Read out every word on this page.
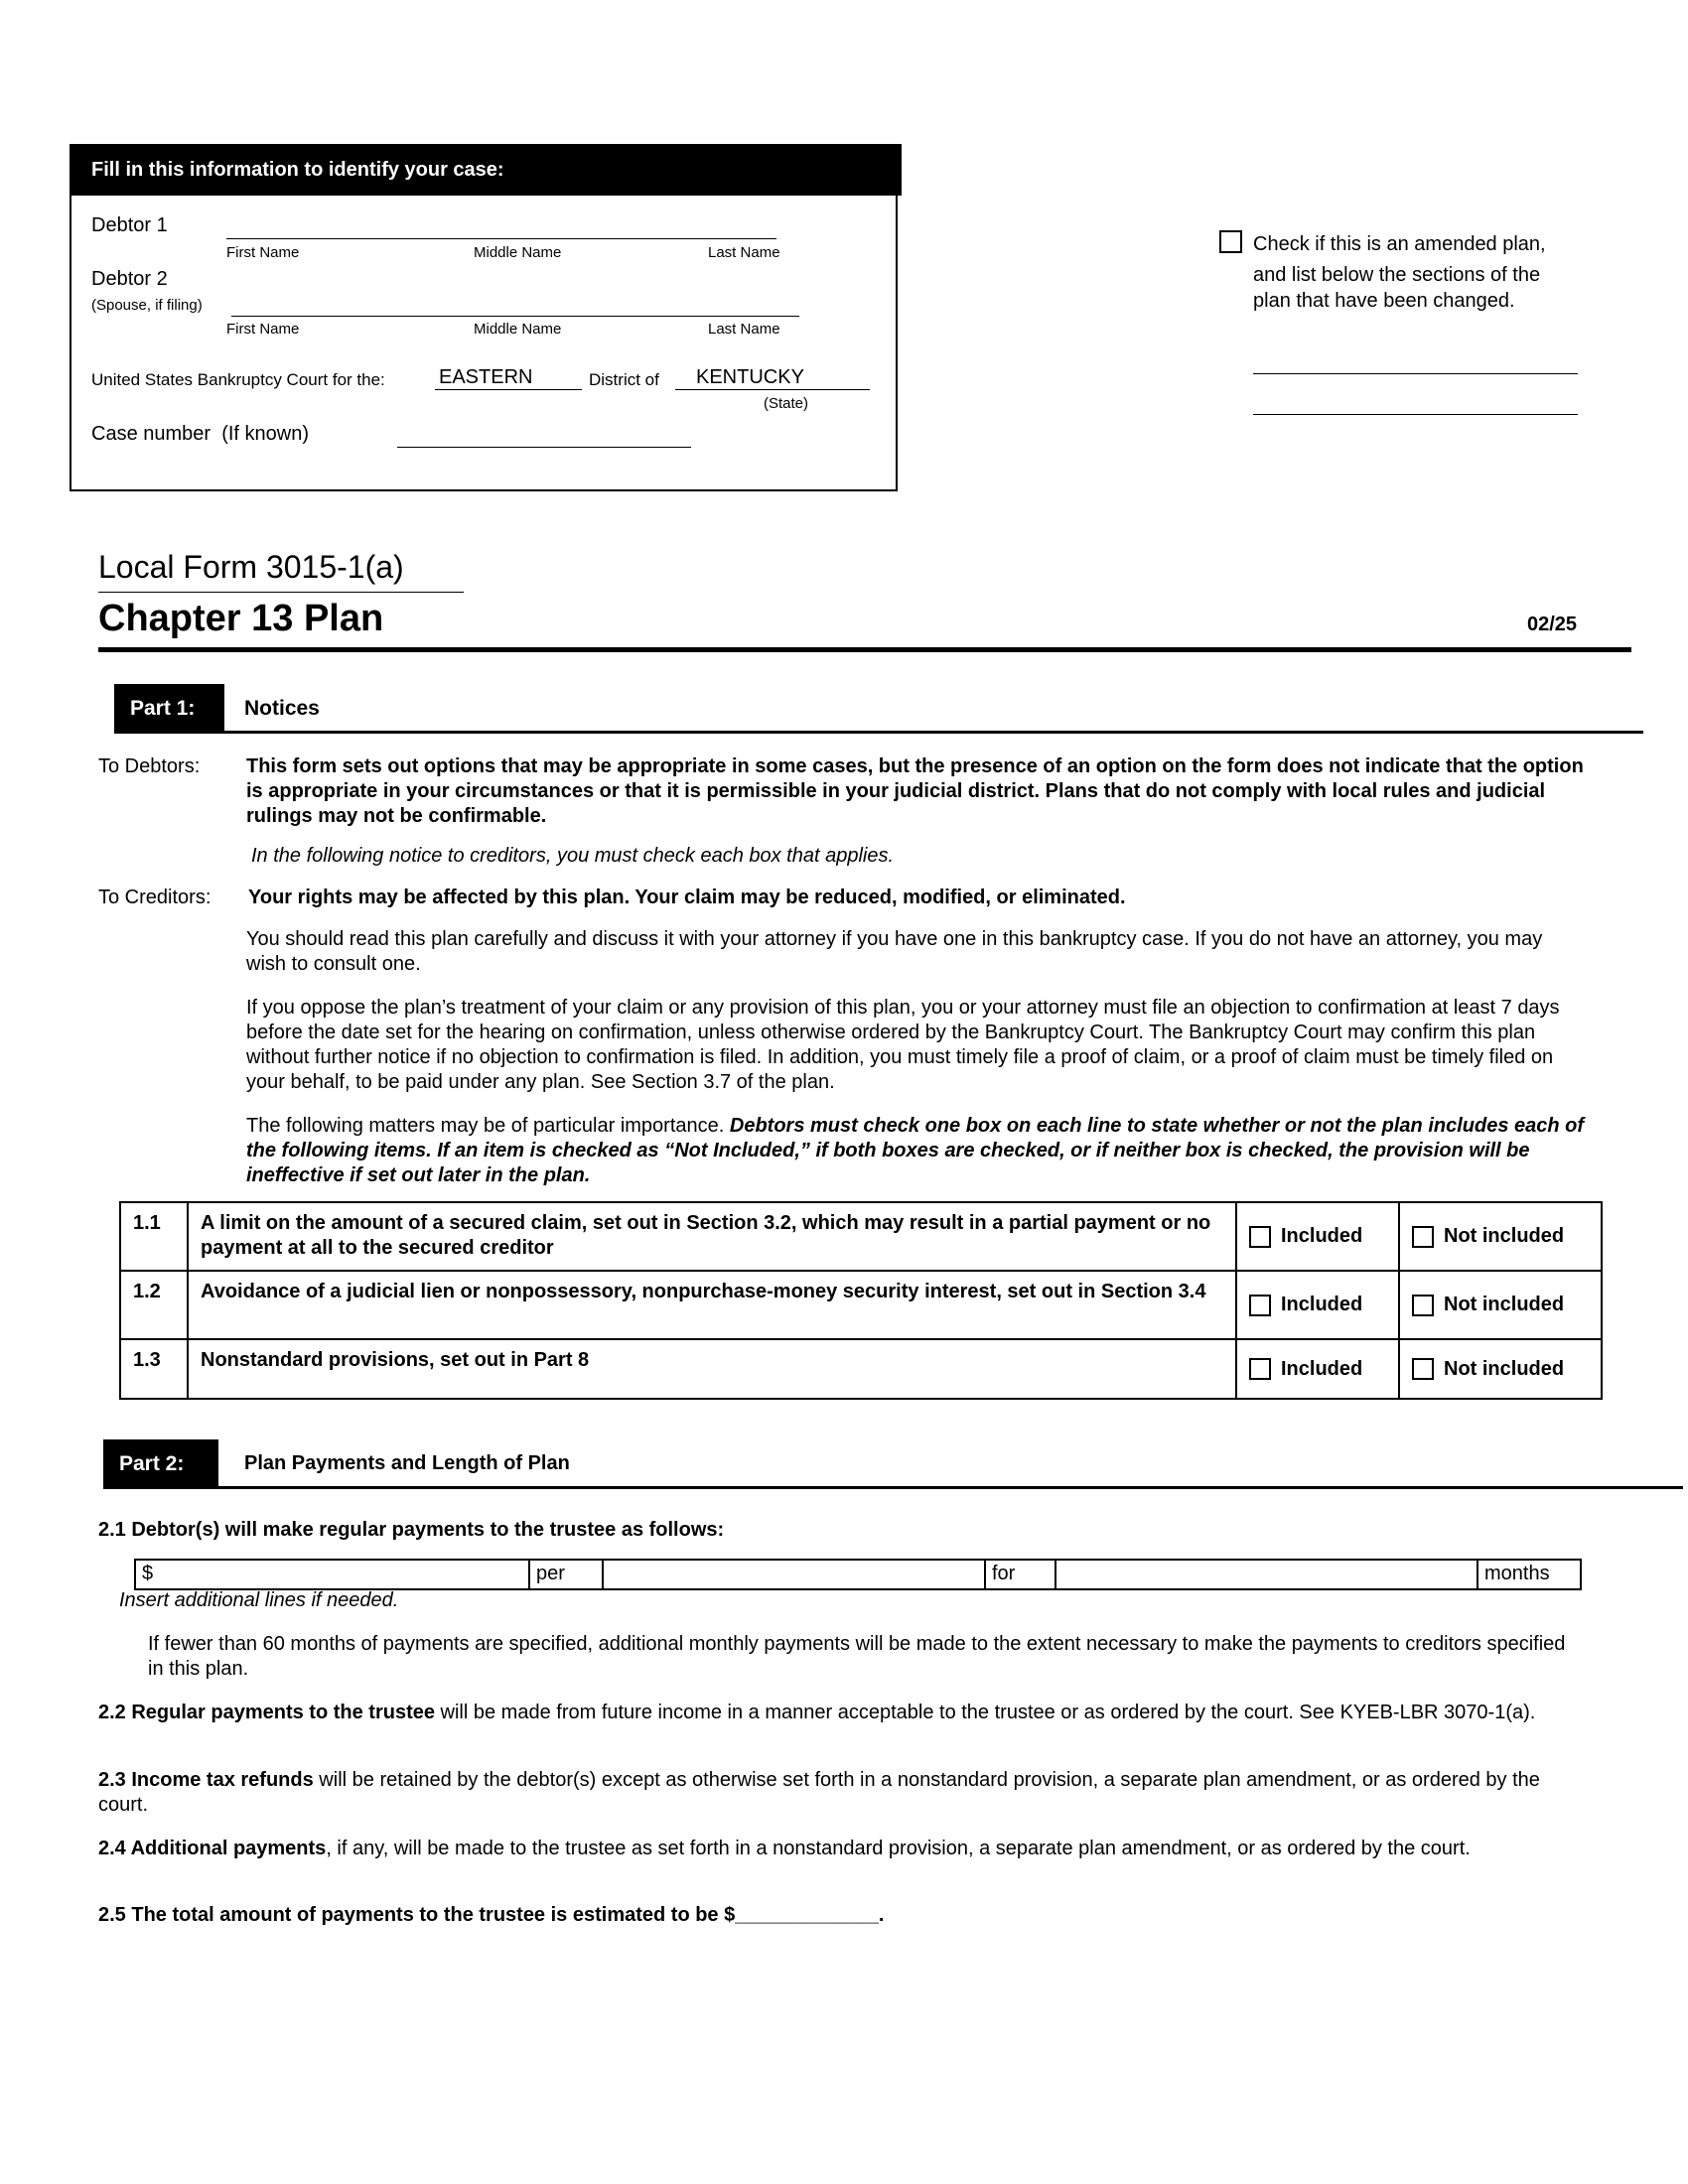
Fill in this information to identify your case:
Debtor 1
First Name	Middle Name	Last Name
Debtor 2
(Spouse, if filing)
First Name	Middle Name	Last Name
United States Bankruptcy Court for the:	EASTERN	District of KENTUCKY
(State)
Case number (If known)
Check if this is an amended plan,
and list below the sections of the
plan that have been changed.
Local Form 3015-1(a)
Chapter 13 Plan	02/25
Part 1:	Notices
To Debtors: This form sets out options that may be appropriate in some cases, but the presence of an option on the form does not indicate that the option is appropriate in your circumstances or that it is permissible in your judicial district. Plans that do not comply with local rules and judicial rulings may not be confirmable.
In the following notice to creditors, you must check each box that applies.
To Creditors: Your rights may be affected by this plan. Your claim may be reduced, modified, or eliminated.
You should read this plan carefully and discuss it with your attorney if you have one in this bankruptcy case. If you do not have an attorney, you may wish to consult one.
If you oppose the plan’s treatment of your claim or any provision of this plan, you or your attorney must file an objection to confirmation at least 7 days before the date set for the hearing on confirmation, unless otherwise ordered by the Bankruptcy Court. The Bankruptcy Court may confirm this plan without further notice if no objection to confirmation is filed. In addition, you must timely file a proof of claim, or a proof of claim must be timely filed on your behalf, to be paid under any plan. See Section 3.7 of the plan.
The following matters may be of particular importance. Debtors must check one box on each line to state whether or not the plan includes each of the following items. If an item is checked as “Not Included,” if both boxes are checked, or if neither box is checked, the provision will be ineffective if set out later in the plan.
1.1	A limit on the amount of a secured claim, set out in Section 3.2, which may result in a partial payment or no payment at all to the secured creditor	Included	Not included

1.2	Avoidance of a judicial lien or nonpossessory, nonpurchase-money security interest, set out in Section 3.4	Included	Not included

1.3	Nonstandard provisions, set out in Part 8	Included	Not included
Part 2:	Plan Payments and Length of Plan
2.1 Debtor(s) will make regular payments to the trustee as follows:
$	per		for		months
Insert additional lines if needed.
If fewer than 60 months of payments are specified, additional monthly payments will be made to the extent necessary to make the payments to creditors specified in this plan.
2.2 Regular payments to the trustee will be made from future income in a manner acceptable to the trustee or as ordered by the court. See KYEB-LBR 3070-1(a).
2.3 Income tax refunds will be retained by the debtor(s) except as otherwise set forth in a nonstandard provision, a separate plan amendment, or as ordered by the court.
2.4 Additional payments, if any, will be made to the trustee as set forth in a nonstandard provision, a separate plan amendment, or as ordered by the court.
2.5 The total amount of payments to the trustee is estimated to be $_____________.
